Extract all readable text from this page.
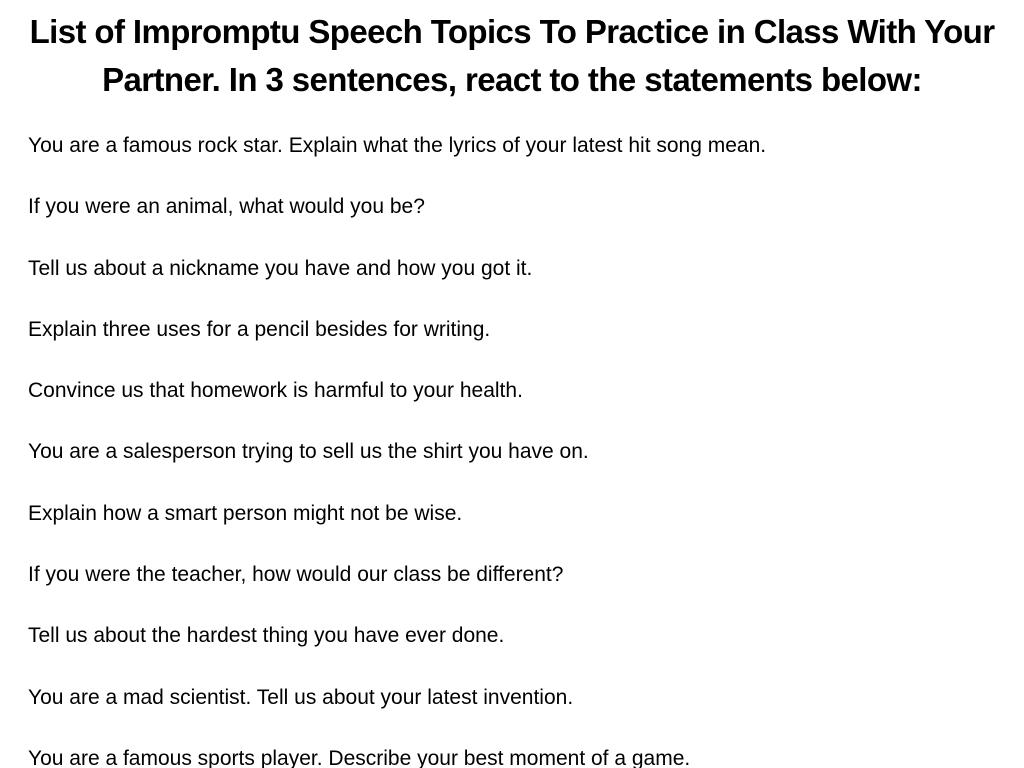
List of Impromptu Speech Topics To Practice in Class With Your Partner. In 3 sentences, react to the statements below:
You are a famous rock star. Explain what the lyrics of your latest hit song mean.
If you were an animal, what would you be?
Tell us about a nickname you have and how you got it.
Explain three uses for a pencil besides for writing.
Convince us that homework is harmful to your health.
You are a salesperson trying to sell us the shirt you have on.
Explain how a smart person might not be wise.
If you were the teacher, how would our class be different?
Tell us about the hardest thing you have ever done.
You are a mad scientist. Tell us about your latest invention.
You are a famous sports player. Describe your best moment of a game.
